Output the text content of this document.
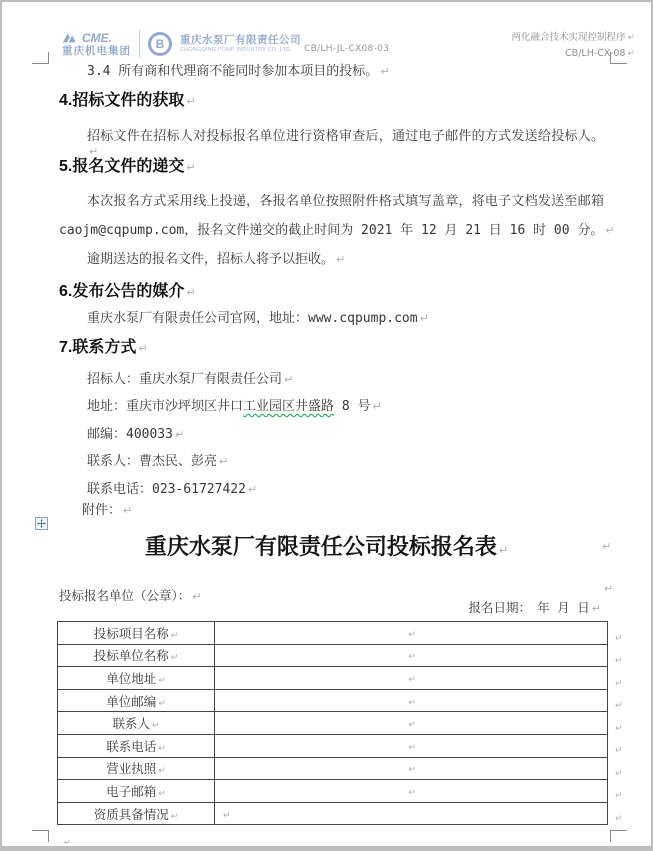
CME.
重庆机电集团
B 重庆水泵厂有限责任公司
CHONGQING PUMP INDUSTRY CO.,LTD.	CB/LH-JL-CX08-03
两化融合技术实现控制程序 ↵
CB/LH-CX-08 ↵
3.4 所有商和代理商不能同时参加本项目的投标。 ↵
4.招标文件的获取 ↵
招标文件在招标人对投标报名单位进行资格审查后，通过电子邮件的方式发送给投标人。↵
5.报名文件的递交 ↵
本次报名方式采用线上投递，各报名单位按照附件格式填写盖章，将电子文档发送至邮箱
caojm@cqpump.com，报名文件递交的截止时间为 2021 年 12 月 21 日 16 时 00 分。 ↵
逾期送达的报名文件，招标人将予以拒收。 ↵
6.发布公告的媒介 ↵
重庆水泵厂有限责任公司官网，地址：www.cqpump.com ↵
7.联系方式 ↵
招标人：重庆水泵厂有限责任公司 ↵
地址：重庆市沙坪坝区井口工业园区井盛路 8 号 ↵
邮编：400033 ↵
联系人：曹杰民、彭亮 ↵
联系电话：023-61727422 ↵
附件： ↵
重庆水泵厂有限责任公司投标报名表 ↵	↵
投标报名单位（公章）： ↵
↵
报名日期：　年 月 日 ↵
投标项目名称 ↵	↵
投标单位名称 ↵	↵
单位地址 ↵	↵
单位邮编 ↵	↵
联系人 ↵	↵
联系电话 ↵	↵
营业执照 ↵	↵
电子邮箱 ↵	↵
资质具备情况 ↵	↵
↵
↵
↵
↵
↵
↵
↵
↵
↵
↵
